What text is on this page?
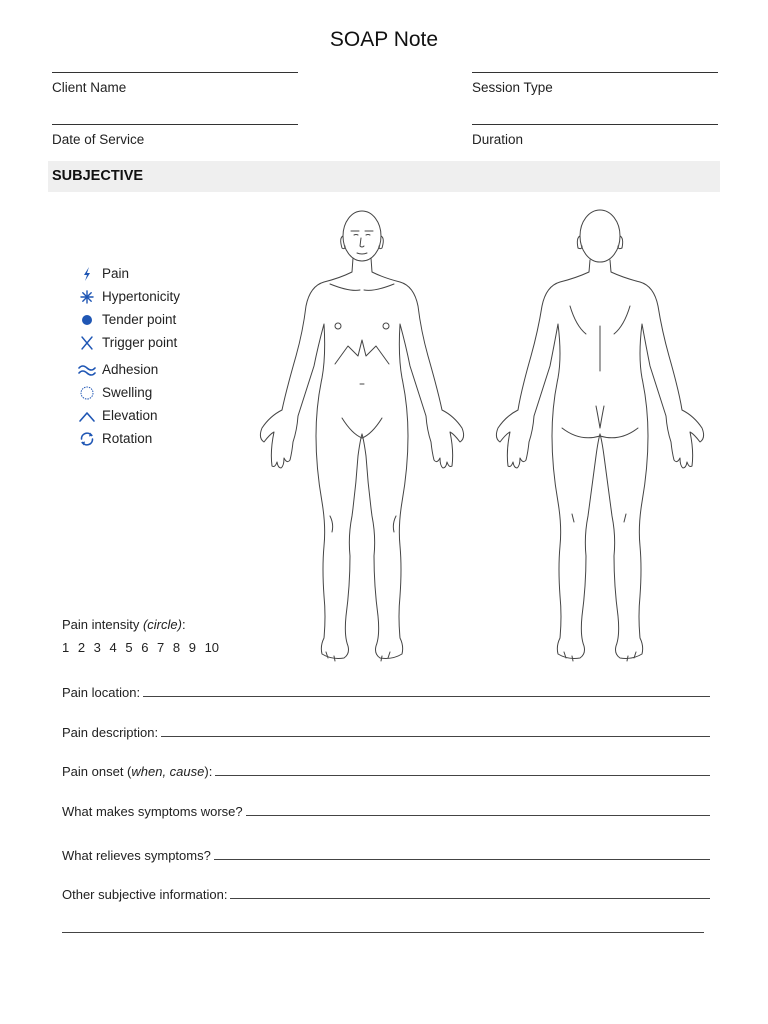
SOAP Note
Client Name	Session Type
Date of Service	Duration
SUBJECTIVE
Pain
Hypertonicity
Tender point
Trigger point
Adhesion
Swelling
Elevation
Rotation
Pain intensity (circle):
1 2 3 4 5 6 7 8 9 10
Pain location:
Pain description:
Pain onset (when, cause):
What makes symptoms worse?
What relieves symptoms?
Other subjective information:
